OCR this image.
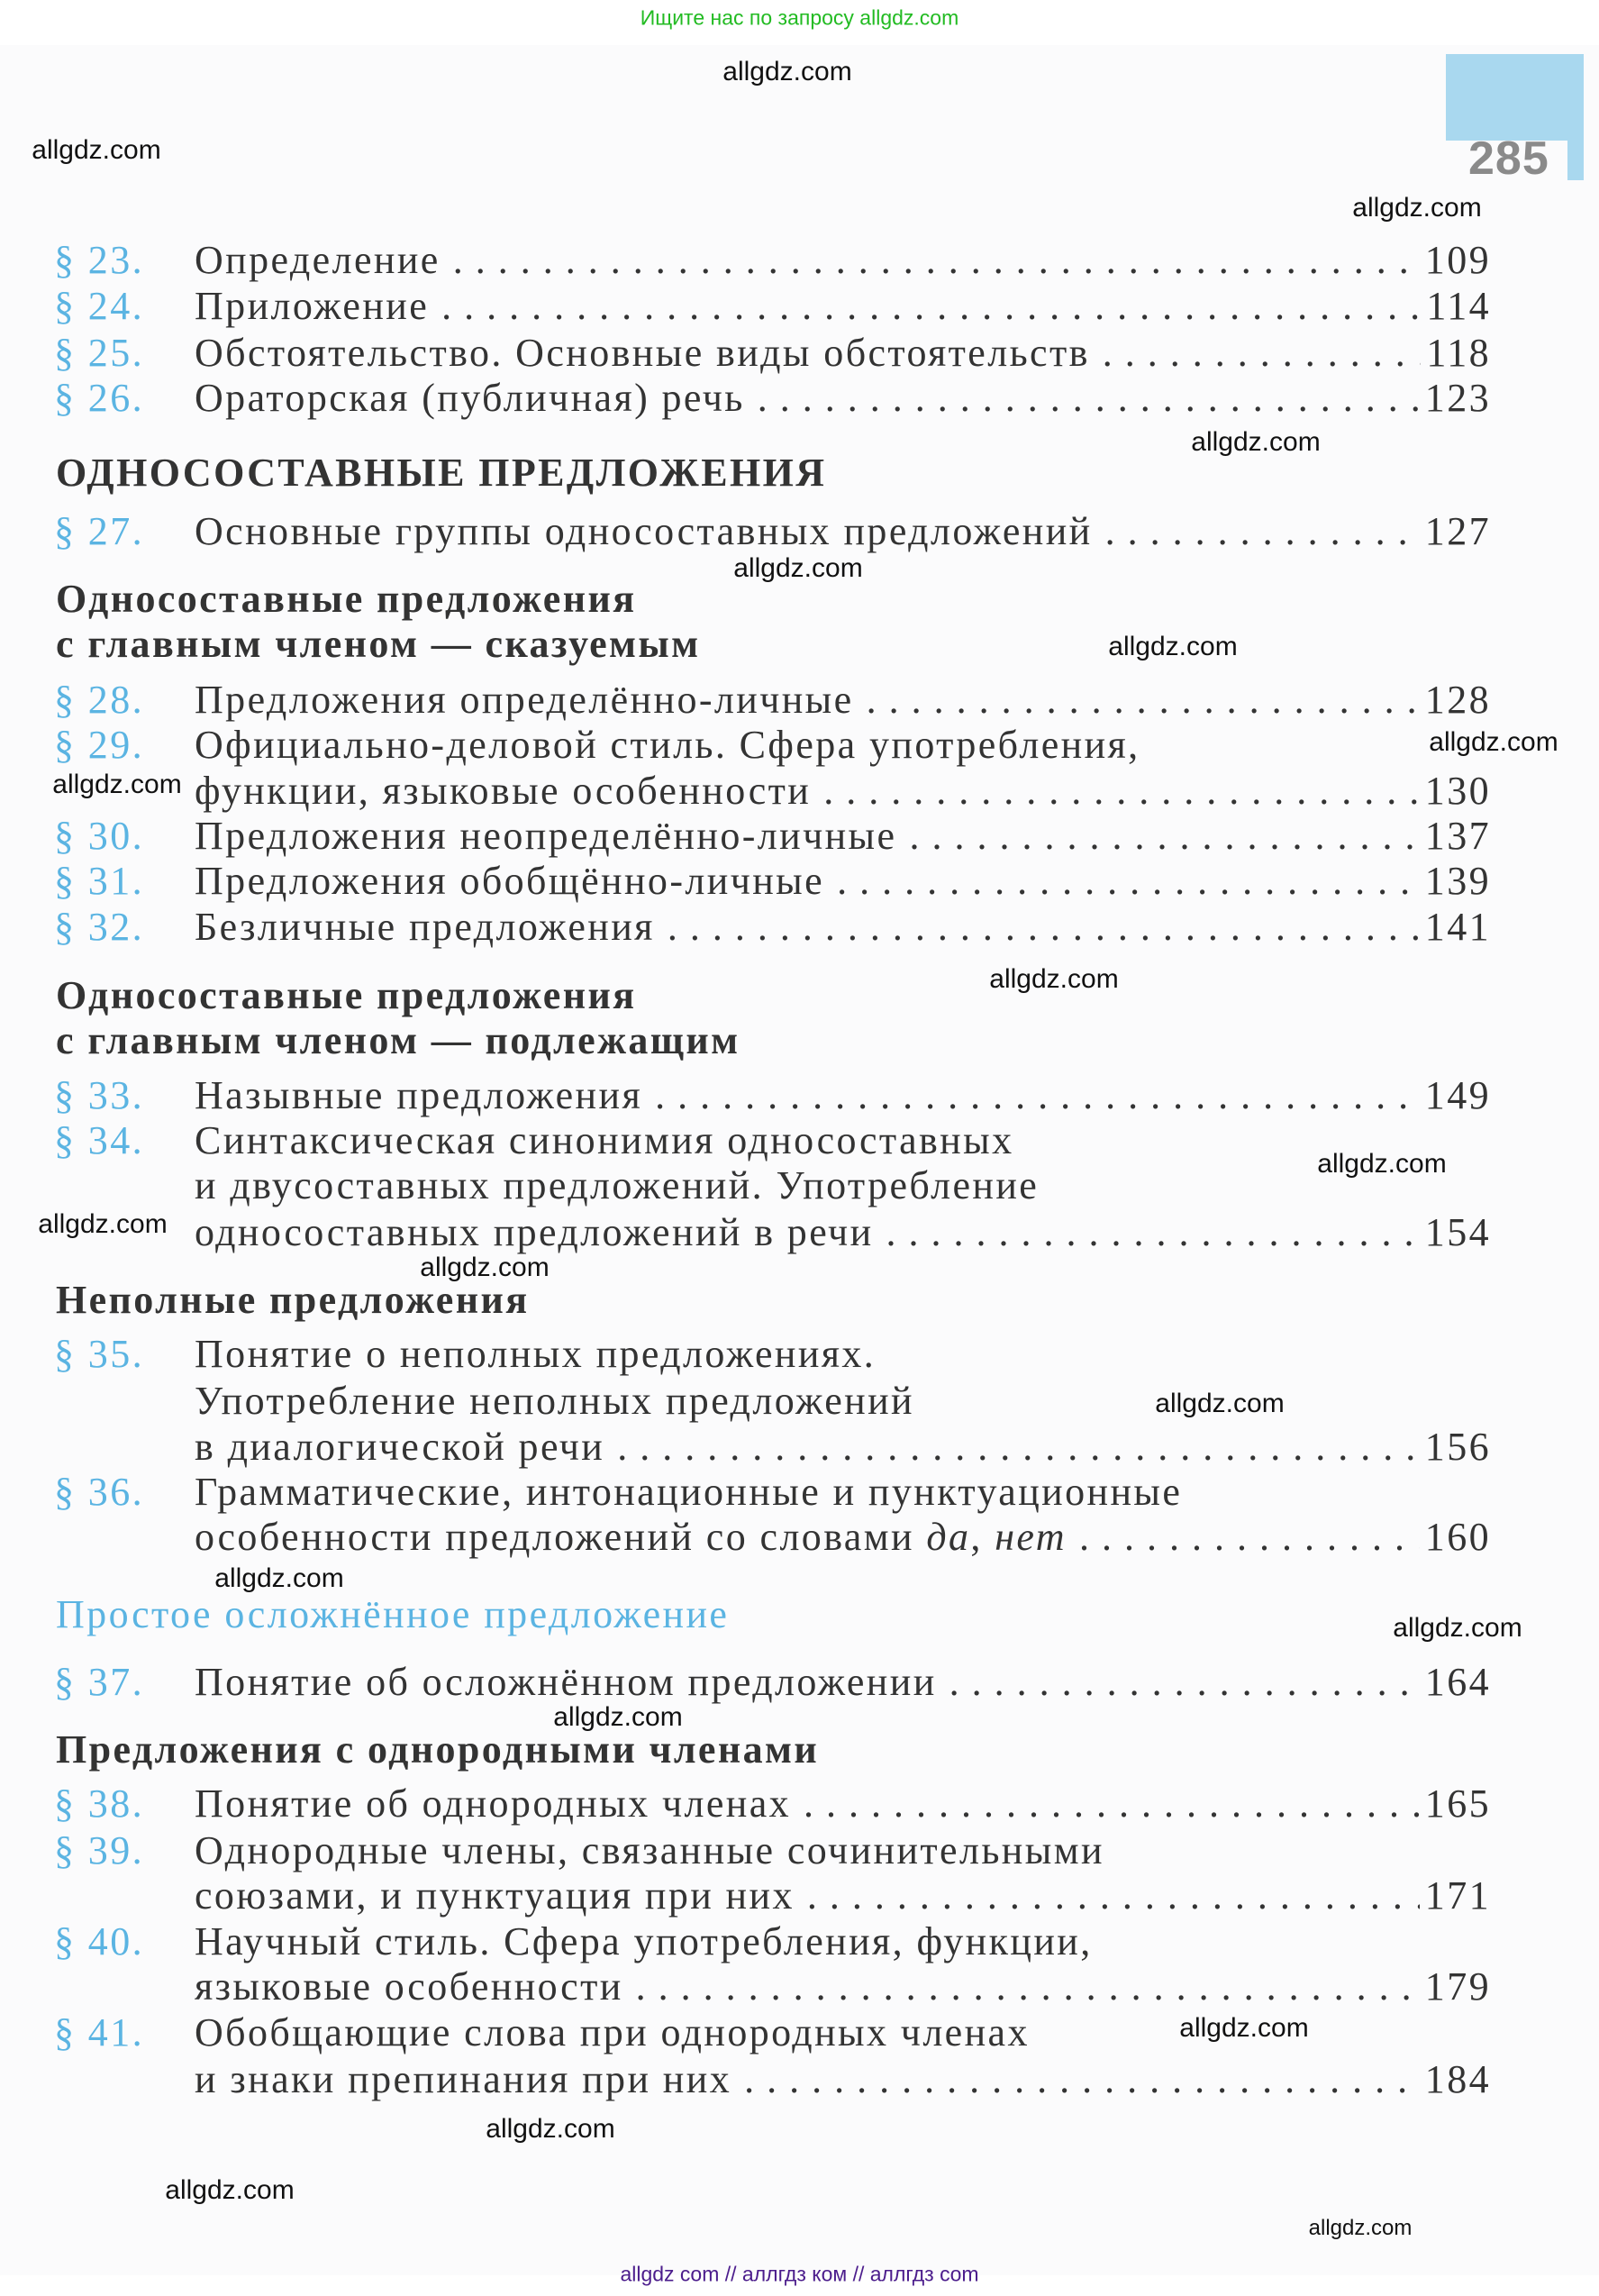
Ищите нас по запросу allgdz.com
285
§ 23. Определение . . .	109
§ 24. Приложение . . .	114
§ 25. Обстоятельство. Основные виды обстоятельств . . .	118
§ 26. Ораторская (публичная) речь . . .	123
ОДНОСОСТАВНЫЕ ПРЕДЛОЖЕНИЯ
§ 27. Основные группы односоставных предложений . . .	127
Односоставные предложения
с главным членом — сказуемым
§ 28. Предложения определённо-личные . . .	128
§ 29. Официально-деловой стиль. Сфера употребления,
функции, языковые особенности . . .	130
§ 30. Предложения неопределённо-личные . . .	137
§ 31. Предложения обобщённо-личные . . .	139
§ 32. Безличные предложения . . .	141
Односоставные предложения
с главным членом — подлежащим
§ 33. Назывные предложения . . .	149
§ 34. Синтаксическая синонимия односоставных
и двусоставных предложений. Употребление
односоставных предложений в речи . . .	154
Неполные предложения
§ 35. Понятие о неполных предложениях.
Употребление неполных предложений
в диалогической речи . . .	156
§ 36. Грамматические, интонационные и пунктуационные
особенности предложений со словами да , нет . . .	160
Простое осложнённое предложение
§ 37. Понятие об осложнённом предложении . . .	164
Предложения с однородными членами
§ 38. Понятие об однородных членах . . .	165
§ 39. Однородные члены, связанные сочинительными
союзами, и пунктуация при них . . .	171
§ 40. Научный стиль. Сфера употребления, функции,
языковые особенности . . .	179
§ 41. Обобщающие слова при однородных членах
и знаки препинания при них . . .	184
allgdz.com
allgdz.com
allgdz.com
allgdz.com
allgdz.com
allgdz.com
allgdz.com
allgdz.com
allgdz.com
allgdz.com
allgdz.com
allgdz.com
allgdz.com
allgdz.com
allgdz.com
allgdz.com
allgdz.com
allgdz.com
allgdz.com
allgdz.com
allgdz com // аллгдз ком // аллгдз com
